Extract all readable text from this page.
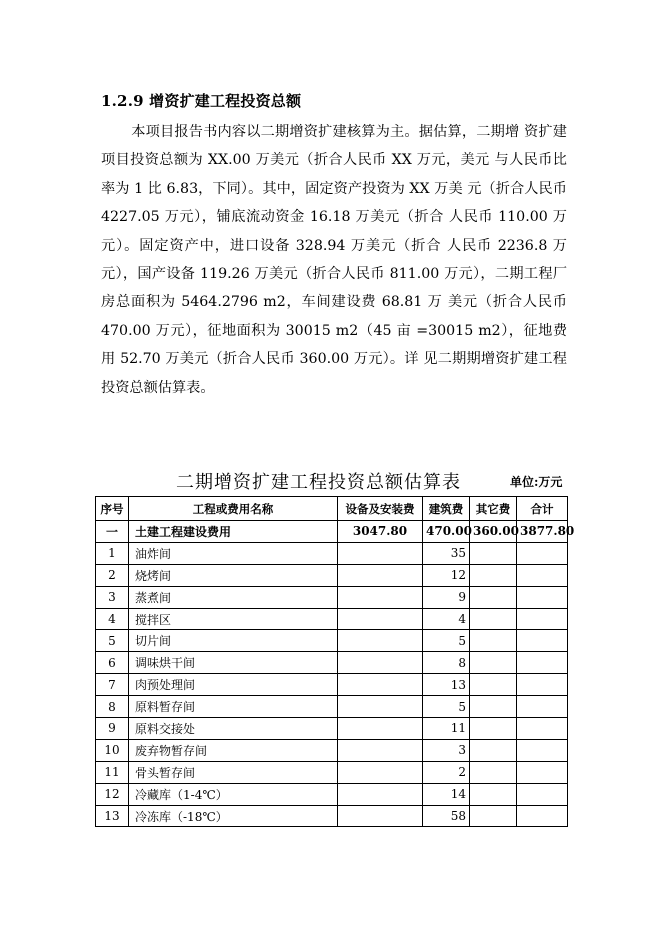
1.2.9 增资扩建工程投资总额

本项目报告书内容以二期增资扩建核算为主。据估算，二期增 资扩建项目投资总额为 XX.00 万美元（折合人民币 XX 万元，美元 与人民币比率为 1 比 6.83，下同）。其中，固定资产投资为 XX 万美 元（折合人民币 4227.05 万元），铺底流动资金 16.18 万美元（折合 人民币 110.00 万元）。固定资产中，进口设备 328.94 万美元（折合 人民币 2236.8 万元），国产设备 119.26 万美元（折合人民币 811.00 万元），二期工程厂房总面积为 5464.2796 m2，车间建设费 68.81 万 美元（折合人民币 470.00 万元），征地面积为 30015 m2（45 亩 =30015 m2），征地费用 52.70 万美元（折合人民币 360.00 万元）。详 见二期期增资扩建工程投资总额估算表。

二期增资扩建工程投资总额估算表	单位:万元
序号	工程或费用名称	设备及安装费	建筑费	其它费	合计
一	土建工程建设费用	3047.80	470.00	360.00	3877.80
1	油炸间		35		
2	烧烤间		12		
3	蒸煮间		9		
4	搅拌区		4		
5	切片间		5		
6	调味烘干间		8		
7	肉预处理间		13		
8	原料暂存间		5		
9	原料交接处		11		
10	废弃物暂存间		3		
11	骨头暂存间		2		
12	冷藏库（1-4℃）		14		
13	冷冻库（-18℃）		58		
